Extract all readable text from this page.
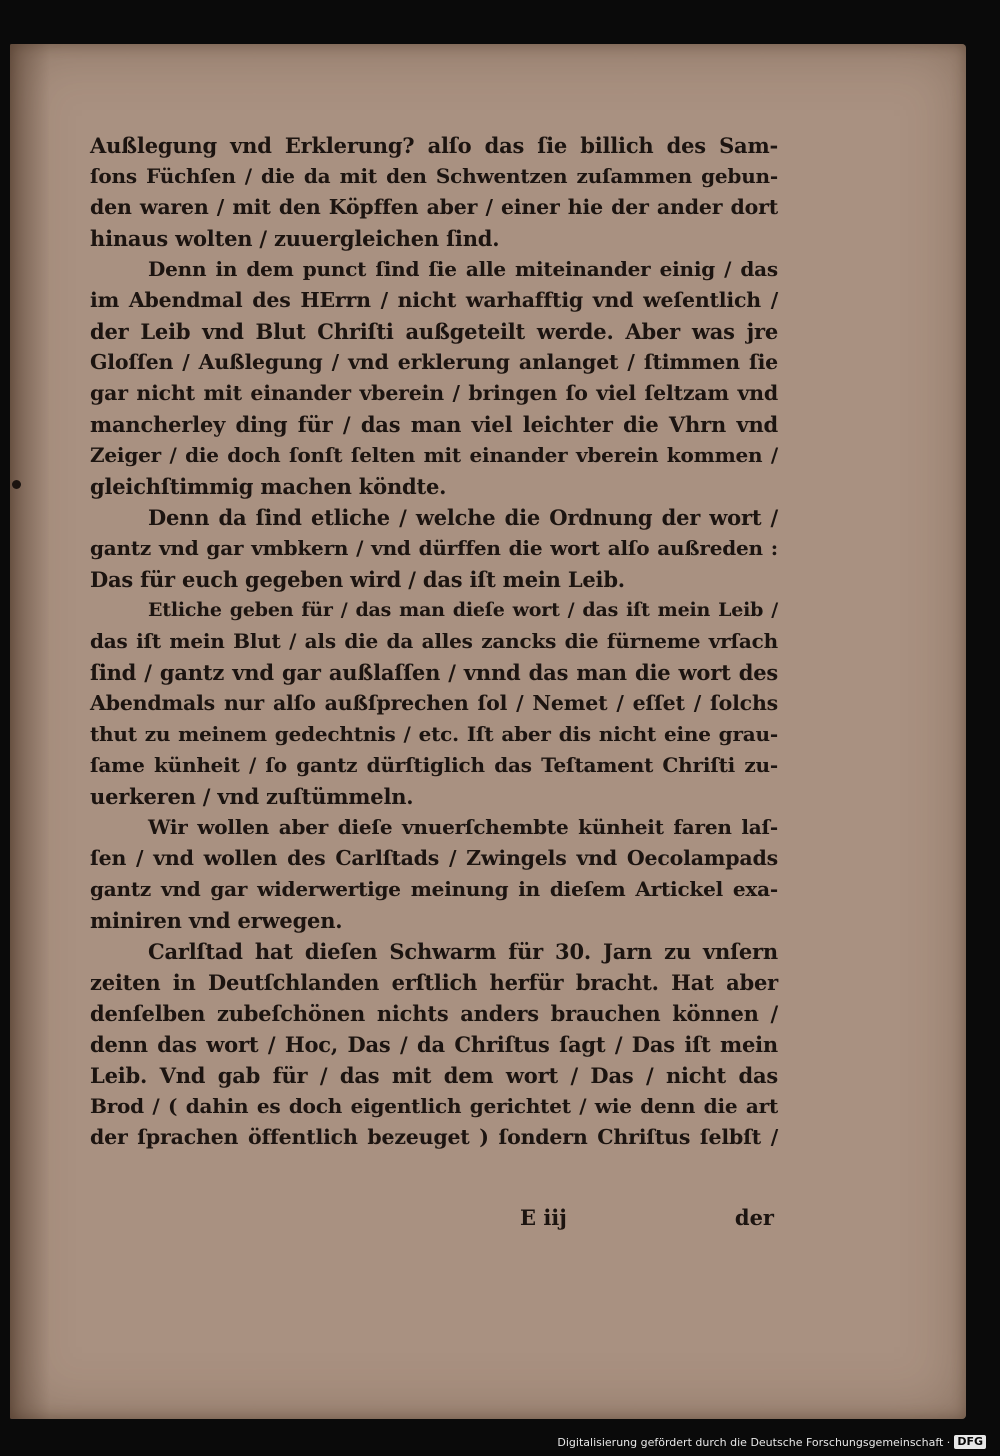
Außlegung vnd Erklerung? alſo das ſie billich des Sam-
ſons Füchſen / die da mit den Schwentzen zuſammen gebun-
den waren / mit den Köpffen aber / einer hie der ander dort
hinaus wolten / zuuergleichen ſind.
Denn in dem punct ſind ſie alle miteinander einig / das
im Abendmal des HErrn / nicht warhafftig vnd weſentlich /
der Leib vnd Blut Chriſti außgeteilt werde. Aber was jre
Gloſſen / Außlegung / vnd erklerung anlanget / ſtimmen ſie
gar nicht mit einander vberein / bringen ſo viel ſeltzam vnd
mancherley ding für / das man viel leichter die Vhrn vnd
Zeiger / die doch ſonſt ſelten mit einander vberein kommen /
gleichſtimmig machen köndte.
Denn da ſind etliche / welche die Ordnung der wort /
gantz vnd gar vmbkern / vnd dürffen die wort alſo außreden :
Das für euch gegeben wird / das iſt mein Leib.
Etliche geben für / das man dieſe wort / das iſt mein Leib /
das iſt mein Blut / als die da alles zancks die fürneme vrſach
ſind / gantz vnd gar außlaſſen / vnnd das man die wort des
Abendmals nur alſo außſprechen ſol / Nemet / eſſet / ſolchs
thut zu meinem gedechtnis / etc. Iſt aber dis nicht eine grau-
ſame künheit / ſo gantz dürſtiglich das Teſtament Chriſti zu-
uerkeren / vnd zuſtümmeln.
Wir wollen aber dieſe vnuerſchembte künheit faren laſ-
ſen / vnd wollen des Carlſtads / Zwingels vnd Oecolampads
gantz vnd gar widerwertige meinung in dieſem Artickel exa-
miniren vnd erwegen.
Carlſtad hat dieſen Schwarm für 30. Jarn zu vnſern
zeiten in Deutſchlanden erſtlich herfür bracht. Hat aber
denſelben zubeſchönen nichts anders brauchen können /
denn das wort / Hoc, Das / da Chriſtus ſagt / Das iſt mein
Leib. Vnd gab für / das mit dem wort / Das / nicht das
Brod / ( dahin es doch eigentlich gerichtet / wie denn die art
der ſprachen öffentlich bezeuget ) ſondern Chriſtus ſelbſt /
E iij	der
Digitalisierung gefördert durch die Deutsche Forschungsgemeinschaft · DFG
